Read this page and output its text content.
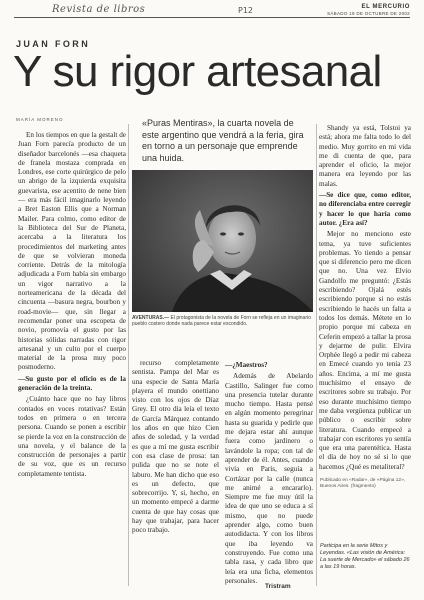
Revista de libros	P12	EL MERCURIO
SÁBADO 19 DE OCTUBRE DE 2002
JUAN FORN
Y su rigor artesanal
MARÍA MORENO

En los tiempos en que la gestalt de Juan Forn parecía producto de un diseñador barcelonés —esa chaqueta de franela mostaza comprada en Londres, ese corte quirúrgico de pelo un abrigo de la izquierda exquisita guevarista, ese acentito de nene bien— era más fácil imaginarlo leyendo a Bret Easton Ellis que a Norman Mailer. Para colmo, como editor de la Biblioteca del Sur de Planeta, acercaba a la literatura los procedimientos del marketing antes de que se volvieran moneda corriente. Detrás de la mitología adjudicada a Forn había sin embargo un vigor narrativo a la norteamericana de la década del cincuenta —basura negra, bourbon y road-movie— que, sin llegar a recomendar poner una escopeta de novio, promovía el gusto por las historias sólidas narradas con rigor artesanal y un culto por el cuerpo material de la prosa muy poco posmoderno.

—Su gusto por el oficio es de la generación de la treinta.

¿Cuánto hace que no hay libros contados en voces rotativas? Están todos en primera o en tercera persona. Cuando se ponen a escribir se pierde la voz en la construcción de una novela, y el balance de la construcción de personajes a partir de su voz, que es un recurso completamente tentista.

«Puras Mentiras», la cuarta novela de este argentino que vendrá a la feria, gira en torno a un personaje que emprende una huida.
AVENTURAS.— El protagonista de la novela de Forn se refleja en un imaginario pueblo costero donde nada parece estar escondido.

recurso completamente sentista. Pampa del Mar es una especie de Santa María playera el mundo onettiano visto con los ojos de Díaz Grey. El otro día leía el texto de García Márquez contando los años en que hizo Cien años de soledad, y la verdad es que a mí me gusta escribir con esa clase de prosa: tan pulida que no se note el laburo. Me han dicho que eso es un defecto, que sobrecorrijo. Y, sí, hecho, en un momento empecé a darme cuenta de que hay cosas que hay que trabajar, para hacer poco trabajo.

—¿Maestros?

Además de Abelardo Castillo, Salinger fue como una presencia tutelar durante mucho tiempo. Hasta pensé en algún momento peregrinar hasta su guarida y pedirle que me dejara estar ahí aunque fuera como jardinero o lavándole la ropa; con tal de aprender de él. Antes, cuando vivía en París, seguía a Cortázar por la calle (nunca me animé a encararlo). Siempre me fue muy útil la idea de que uno se educa a sí mismo, que no puede aprender algo, como buen autodidacta. Y con los libros que iba leyendo va construyendo. Fue como una tabla rasa, y cada libro que leía era una ficha, elementos personales.

Shandy ya está, Tolstoi ya está; ahora me falta todo lo del medio. Muy gorrito en mi vida me di cuenta de que, para aprender el oficio, la mejor manera era leyendo por las malas.

—Se dice que, como editor, no diferenciaba entre corregir y hacer lo que haría como autor. ¿Era así?

Mejor no menciono este tema, ya tuve suficientes problemas. Yo tiendo a pensar que si diferencio pero me dicen que no. Una vez Elvio Gandolfo me preguntó: ¿Estás escribiendo? Ojalá estés escribiendo porque si no estás escribiendo le hacés un falta a todos los demás. Métete en lo propio porque mi cabeza en Ceferin empezó a tallar la prosa y dejarme de pulir. Elvira Orphée llegó a pedir mi cabeza en Emecé cuando yo tenía 23 años. Encima, a mí me gusta muchísimo el ensayo de escritores sobre su trabajo. Por eso durante muchísimo tiempo me daba vergüenza publicar un público o escribir sobre literatura. Cuando empecé a trabajar con escritores yo sentía que era una parentética. Hasta el día de hoy no sé si lo que hacemos ¿Qué es metaliteral?

Publicado en «Radar», de «Página 12», Buenos Aires. (fragmento)
Participa en la serie Mitos y Leyendas. «Las visión de América: La suerte de Mercado» el sábado 26 a las 19 horas.
Tristram
